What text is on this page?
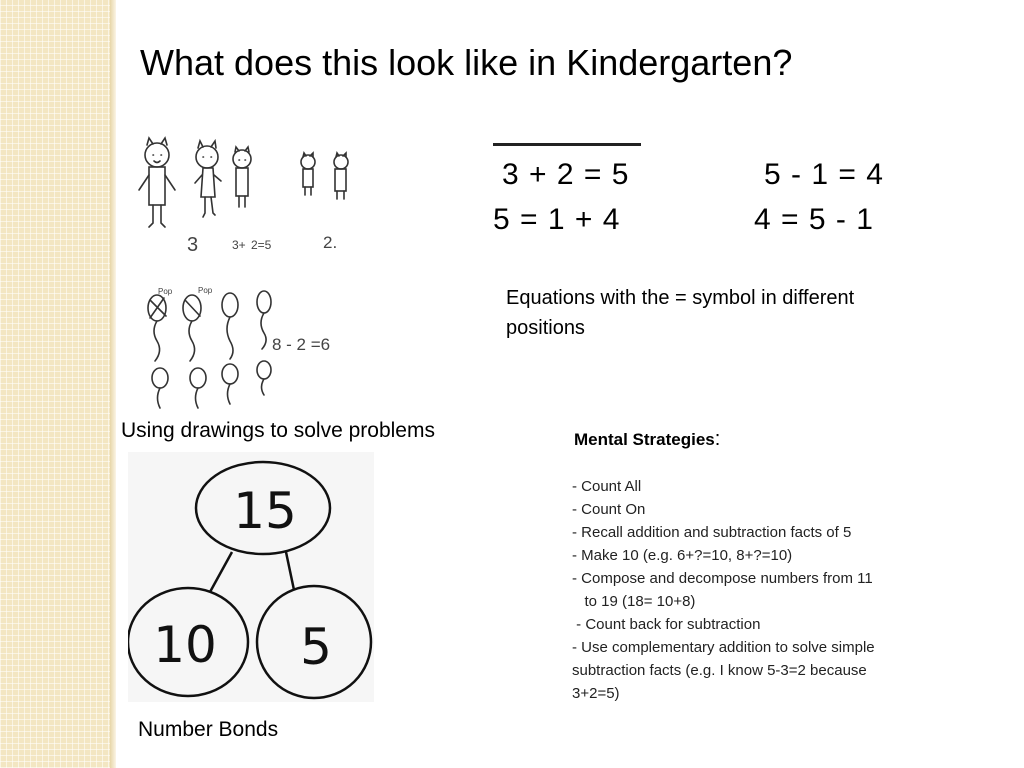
What does this look like in Kindergarten?
3	3+ 2=5	2.
Pop	Pop
8 - 2 =6
Using drawings to solve problems
15
10 5
Number Bonds
3 + 2 = 5
5 = 1 + 4
5 - 1 = 4
4 = 5 - 1
Equations with the = symbol in different positions
Mental Strategies:
- Count All
- Count On
- Recall addition and subtraction facts of 5
- Make 10 (e.g. 6+?=10, 8+?=10)
- Compose and decompose numbers from 11
to 19 (18= 10+8)
- Count back for subtraction
- Use complementary addition to solve simple
subtraction facts (e.g. I know 5-3=2 because
3+2=5)
